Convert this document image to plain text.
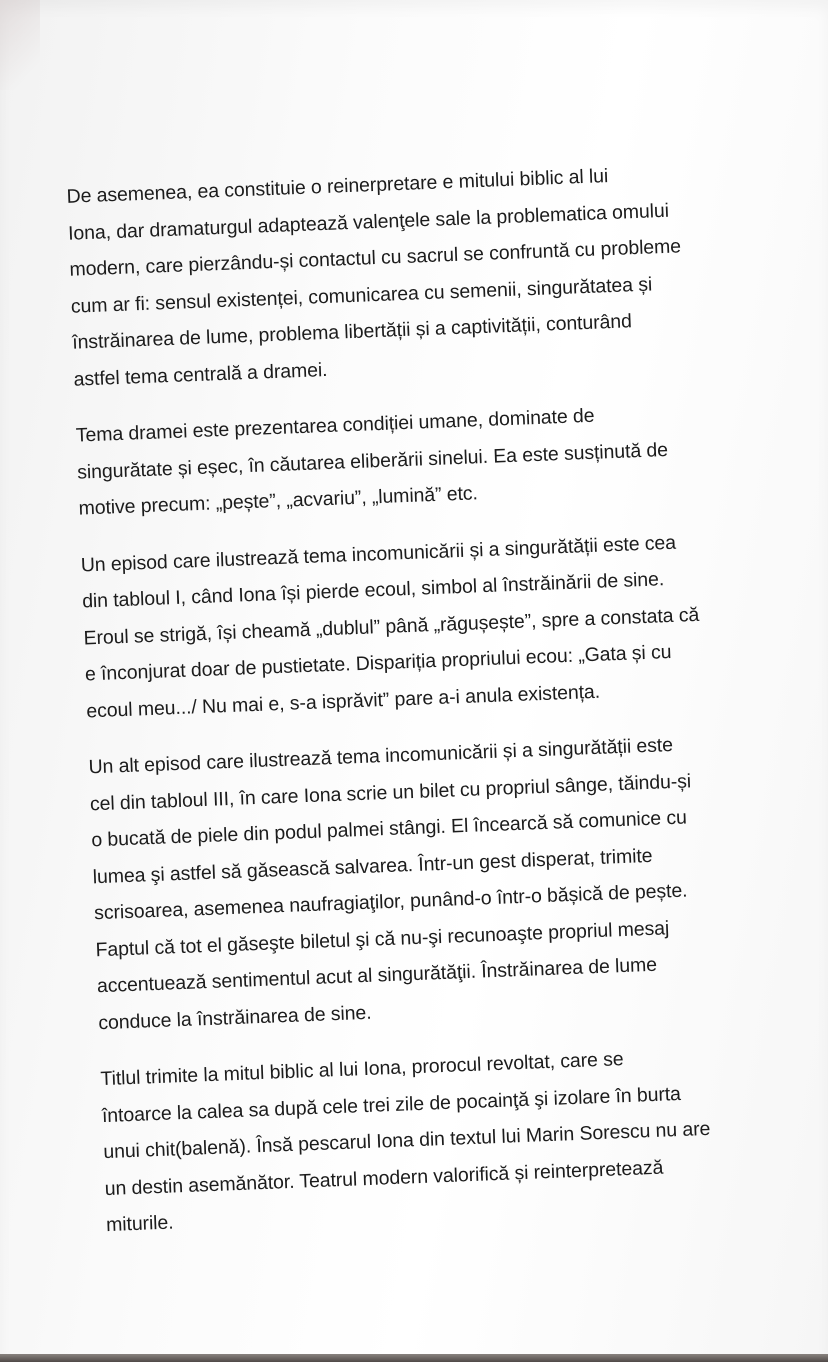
De asemenea, ea constituie o reinerpretare e mitului biblic al lui
Iona, dar dramaturgul adaptează valenţele sale la problematica omului
modern, care pierzându-și contactul cu sacrul se confruntă cu probleme
cum ar fi: sensul existenței, comunicarea cu semenii, singurătatea și
înstrăinarea de lume, problema libertății și a captivității, conturând
astfel tema centrală a dramei.

Tema dramei este prezentarea condiției umane, dominate de
singurătate și eșec, în căutarea eliberării sinelui. Ea este susținută de
motive precum: „pește”, „acvariu”, „lumină” etc.

Un episod care ilustrează tema incomunicării și a singurătății este cea
din tabloul I, când Iona își pierde ecoul, simbol al înstrăinării de sine.
Eroul se strigă, își cheamă „dublul” până „răgușește”, spre a constata că
e înconjurat doar de pustietate. Dispariția propriului ecou: „Gata și cu
ecoul meu.../ Nu mai e, s-a isprăvit” pare a-i anula existența.

Un alt episod care ilustrează tema incomunicării și a singurătății este
cel din tabloul III, în care Iona scrie un bilet cu propriul sânge, tăindu-și
o bucată de piele din podul palmei stângi. El încearcă să comunice cu
lumea şi astfel să găsească salvarea. Într-un gest disperat, trimite
scrisoarea, asemenea naufragiaţilor, punând-o într-o bășică de pește.
Faptul că tot el găseşte biletul şi că nu-şi recunoaşte propriul mesaj
accentuează sentimentul acut al singurătăţii. Înstrăinarea de lume
conduce la înstrăinarea de sine.

Titlul trimite la mitul biblic al lui Iona, prorocul revoltat, care se
întoarce la calea sa după cele trei zile de pocainţă şi izolare în burta
unui chit(balenă). Însă pescarul Iona din textul lui Marin Sorescu nu are
un destin asemănător. Teatrul modern valorifică și reinterpretează
miturile.
